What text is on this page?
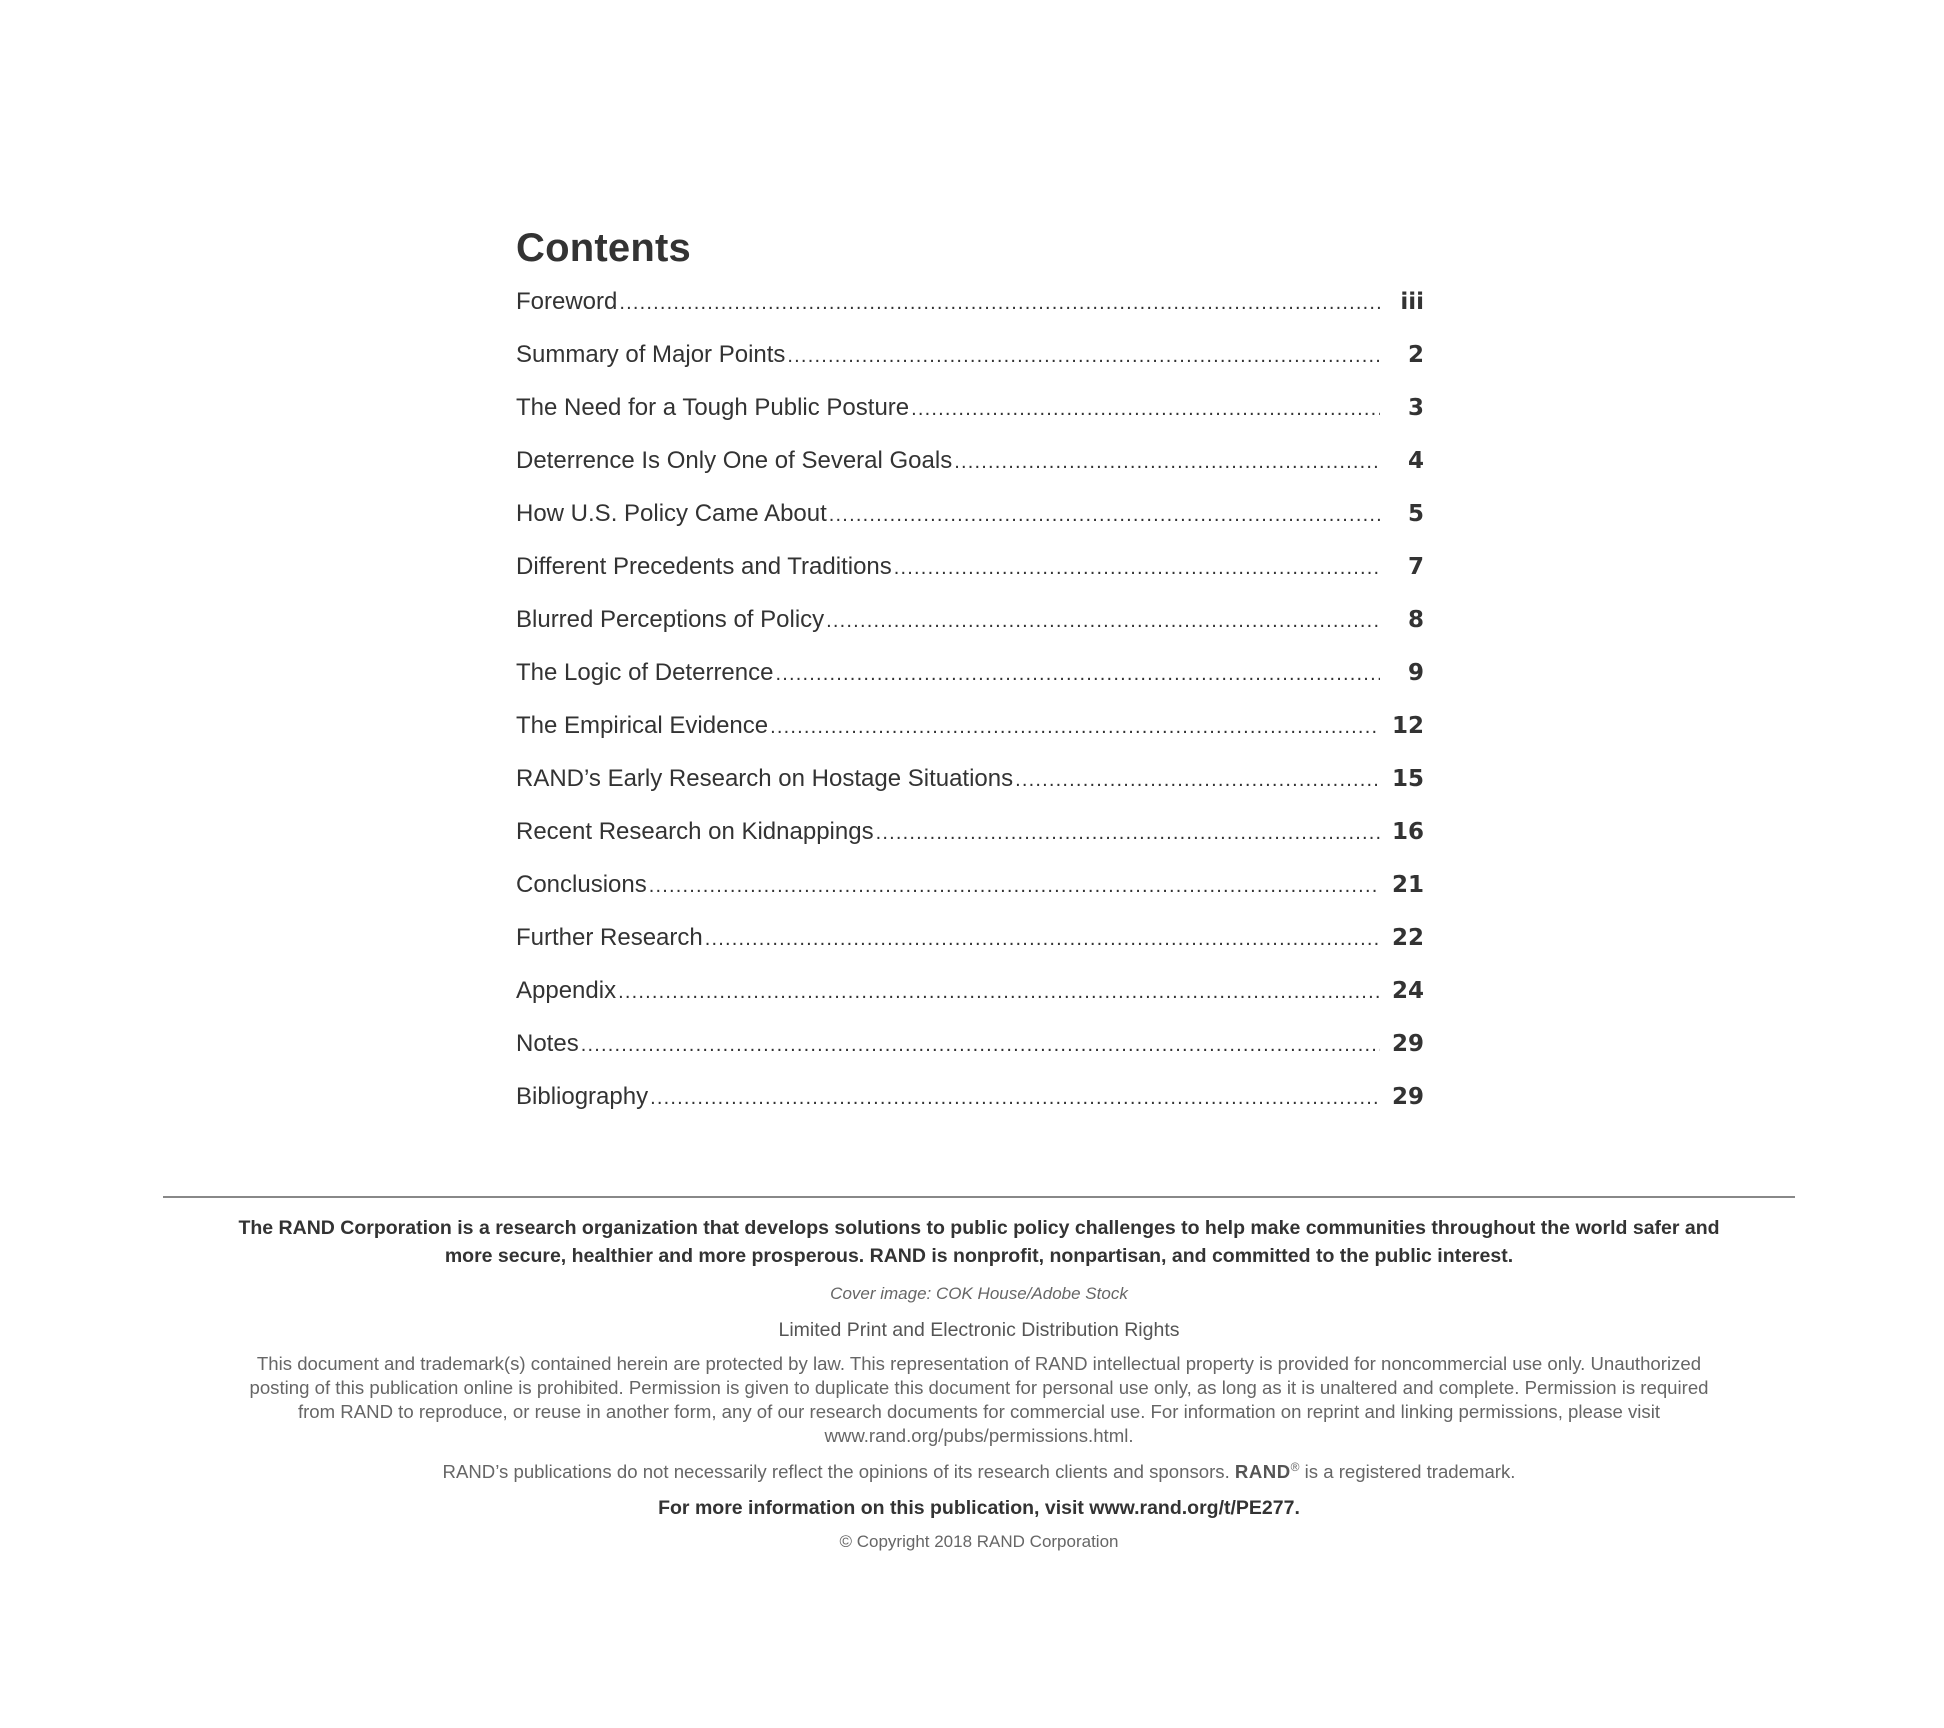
Contents
Foreword .....	iii
Summary of Major Points .....	2
The Need for a Tough Public Posture .....	3
Deterrence Is Only One of Several Goals .....	4
How U.S. Policy Came About .....	5
Different Precedents and Traditions .....	7
Blurred Perceptions of Policy .....	8
The Logic of Deterrence .....	9
The Empirical Evidence .....	12
RAND’s Early Research on Hostage Situations .....	15
Recent Research on Kidnappings .....	16
Conclusions .....	21
Further Research .....	22
Appendix .....	24
Notes .....	29
Bibliography .....	29

The RAND Corporation is a research organization that develops solutions to public policy challenges to help make communities throughout the world safer and
more secure, healthier and more prosperous. RAND is nonprofit, nonpartisan, and committed to the public interest.

Cover image: COK House/Adobe Stock

Limited Print and Electronic Distribution Rights

This document and trademark(s) contained herein are protected by law. This representation of RAND intellectual property is provided for noncommercial use only. Unauthorized
posting of this publication online is prohibited. Permission is given to duplicate this document for personal use only, as long as it is unaltered and complete. Permission is required
from RAND to reproduce, or reuse in another form, any of our research documents for commercial use. For information on reprint and linking permissions, please visit
www.rand.org/pubs/permissions.html.

RAND’s publications do not necessarily reflect the opinions of its research clients and sponsors. RAND® is a registered trademark.

For more information on this publication, visit www.rand.org/t/PE277.

© Copyright 2018 RAND Corporation
